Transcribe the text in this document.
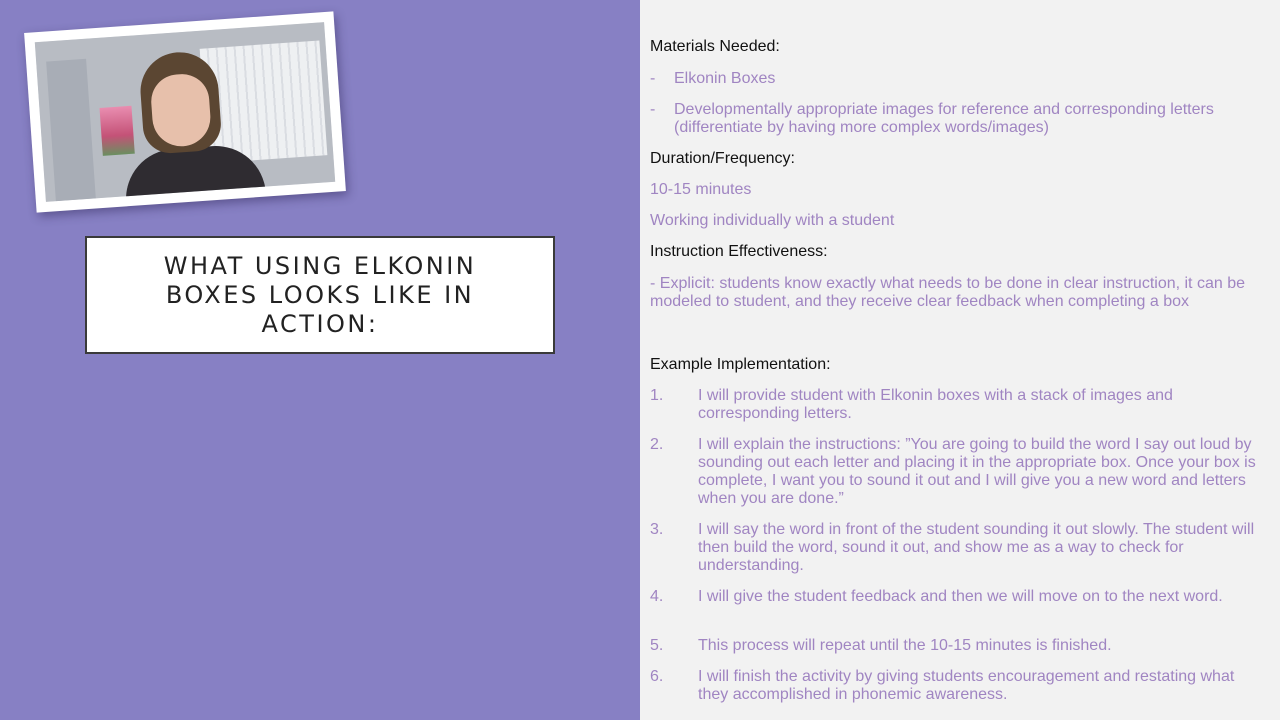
WHAT USING ELKONIN BOXES LOOKS LIKE IN ACTION:
Materials Needed:
-	Elkonin Boxes
-	Developmentally appropriate images for reference and corresponding letters (differentiate by having more complex words/images)
Duration/Frequency:
10-15 minutes
Working individually with a student
Instruction Effectiveness:
- Explicit: students know exactly what needs to be done in clear instruction, it can be modeled to student, and they receive clear feedback when completing a box
Example Implementation:
1.	I will provide student with Elkonin boxes with a stack of images and corresponding letters.
2.	I will explain the instructions: ”You are going to build the word I say out loud by sounding out each letter and placing it in the appropriate box. Once your box is complete, I want you to sound it out and I will give you a new word and letters when you are done.”
3.	I will say the word in front of the student sounding it out slowly. The student will then build the word, sound it out, and show me as a way to check for understanding.
4.	I will give the student feedback and then we will move on to the next word.
5.	This process will repeat until the 10-15 minutes is finished.
6.	I will finish the activity by giving students encouragement and restating what they accomplished in phonemic awareness.
